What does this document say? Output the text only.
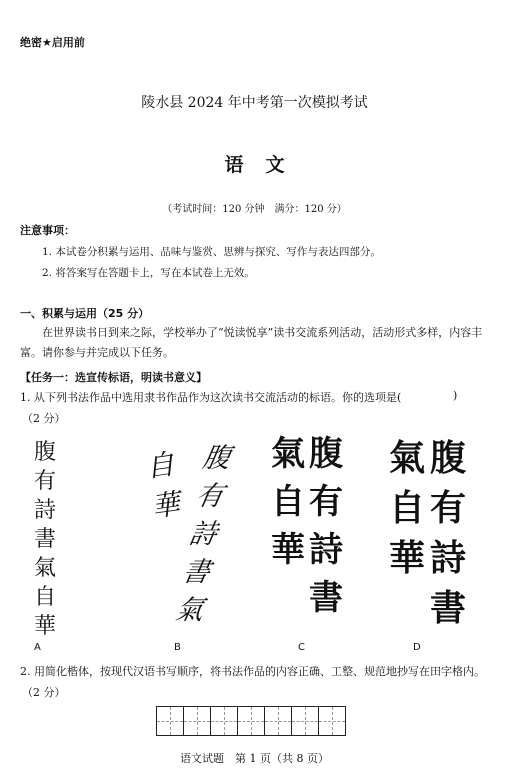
绝密★启用前
陵水县 2024 年中考第一次模拟考试
语文
（考试时间：120 分钟　满分：120 分）
注意事项：
1. 本试卷分积累与运用、品味与鉴赏、思辨与探究、写作与表达四部分。
2. 将答案写在答题卡上，写在本试卷上无效。
一、积累与运用（25 分）
在世界读书日到来之际，学校举办了“悦读悦享”读书交流系列活动，活动形式多样，内容丰富。请你参与并完成以下任务。
【任务一：选宣传标语，明读书意义】
1. 从下列书法作品中选用隶书作品作为这次读书交流活动的标语。你的选项是(	)
（2 分）
腹
有
詩
書
氣
自
華
自
華
腹
有
詩
書
氣
氣
自
華
腹
有
詩
書
氣
自
華
腹
有
詩
書
A	B	C	D
2. 用简化楷体，按现代汉语书写顺序，将书法作品的内容正确、工整、规范地抄写在田字格内。
（2 分）
语文试题　第 1 页（共 8 页）
